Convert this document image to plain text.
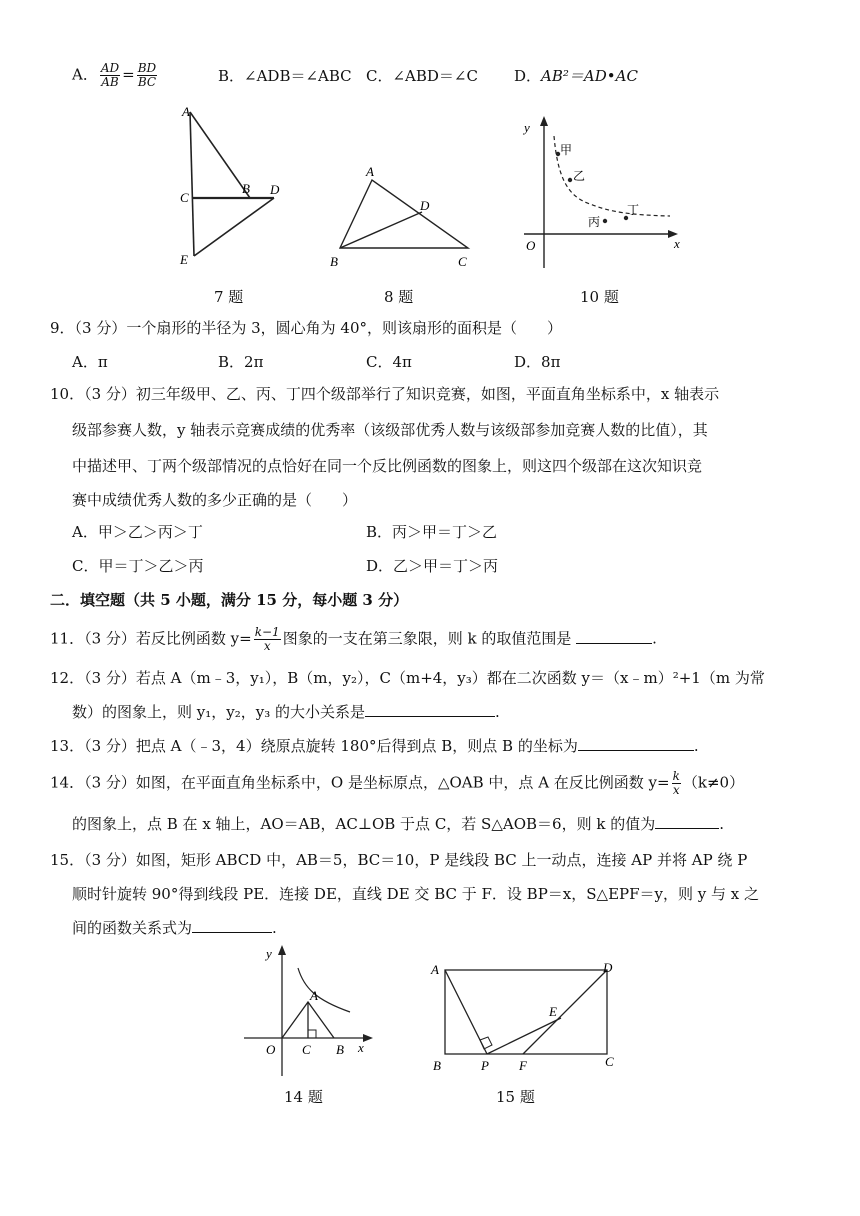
A． $\frac{AD}{AB} = \frac{BD}{BC}$	B．∠ADB＝∠ABC C．∠ABD＝∠C D．AB²＝AD•AC
A
B
C
D
E
7 题
A
B	C
D
8 题
y
O	x
甲
乙
丙
丁
10 题
9．（3 分）一个扇形的半径为 3，圆心角为 40°，则该扇形的面积是（　　）
A．π	B．2π	C．4π	D．8π
10．（3 分）初三年级甲、乙、丙、丁四个级部举行了知识竞赛，如图，平面直角坐标系中，x 轴表示
级部参赛人数，y 轴表示竞赛成绩的优秀率（该级部优秀人数与该级部参加竞赛人数的比值），其
中描述甲、丁两个级部情况的点恰好在同一个反比例函数的图象上，则这四个级部在这次知识竞
赛中成绩优秀人数的多少正确的是（　　）
A．甲＞乙＞丙＞丁	B．丙＞甲＝丁＞乙
C．甲＝丁＞乙＞丙	D．乙＞甲＝丁＞丙
二．填空题（共 5 小题，满分 15 分，每小题 3 分）
11．（3 分）若反比例函数 $y= \frac{k-1}{x}$ 图象的一支在第三象限，则 k 的取值范围是	.
12．（3 分）若点 A（m﹣3，y₁），B（m，y₂），C（m+4，y₃）都在二次函数 y＝（x﹣m）²+1（m 为常
数）的图象上，则 y₁，y₂，y₃ 的大小关系是	.
13．（3 分）把点 A（﹣3，4）绕原点旋转 180°后得到点 B，则点 B 的坐标为	.
14．（3 分）如图，在平面直角坐标系中，O 是坐标原点，△OAB 中，点 A 在反比例函数 $y= \frac{k}{x} (k\ne 0)$
的图象上，点 B 在 x 轴上，AO＝AB，AC⊥OB 于点 C，若 S△AOB＝6，则 k 的值为	.
15．（3 分）如图，矩形 ABCD 中，AB＝5，BC＝10，P 是线段 BC 上一动点，连接 AP 并将 AP 绕 P
顺时针旋转 90°得到线段 PE．连接 DE，直线 DE 交 BC 于 F．设 BP＝x，S△EPF＝y，则 y 与 x 之
间的函数关系式为	.
y
A
O C B x
14 题
A	D
E
B	P F	C
15 题
